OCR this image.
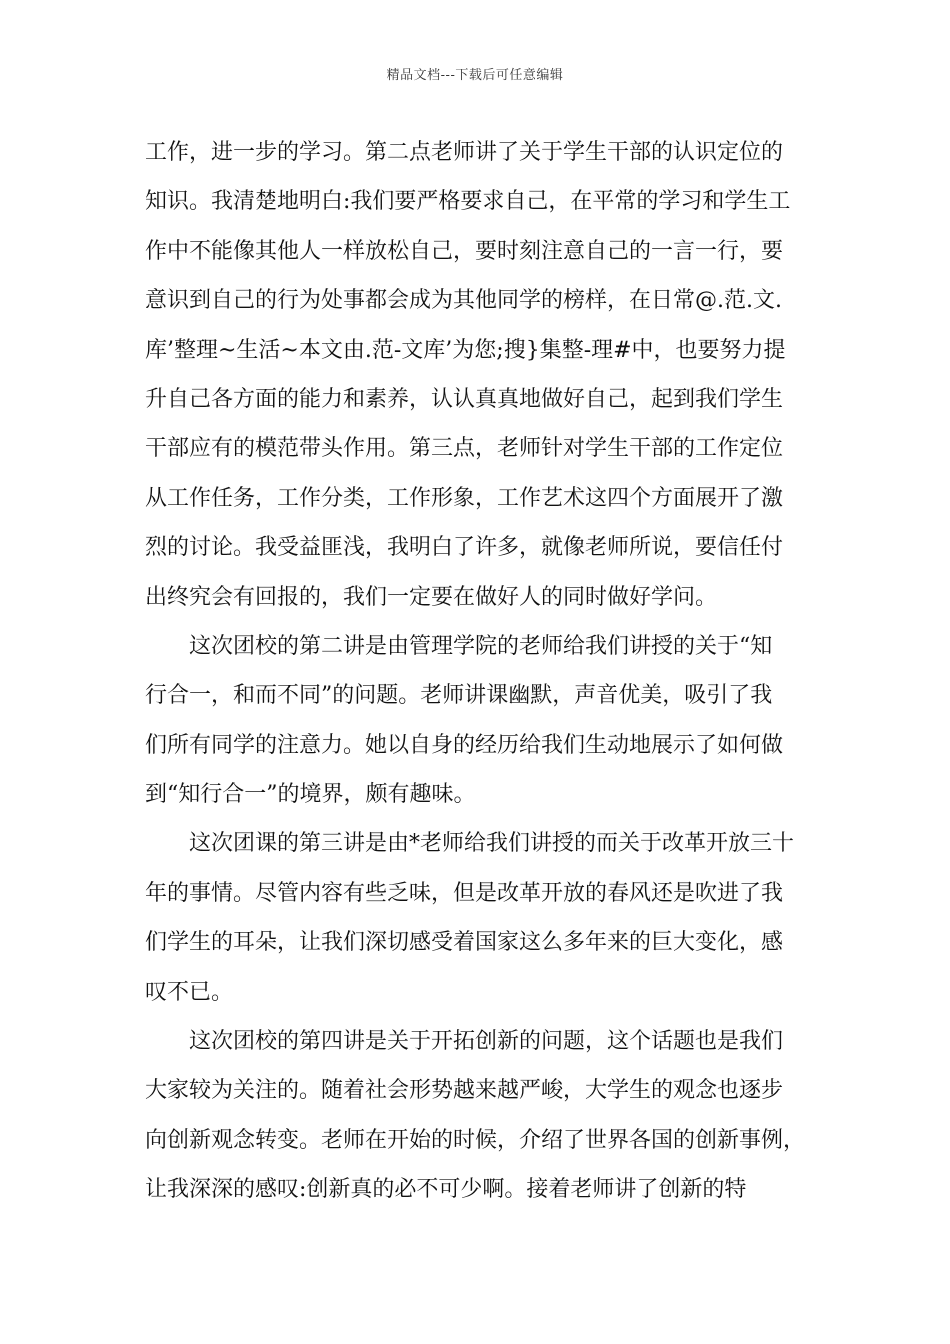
精品文档---下载后可任意编辑
工作，进一步的学习。第二点老师讲了关于学生干部的认识定位的
知识。我清楚地明白:我们要严格要求自己，在平常的学习和学生工
作中不能像其他人一样放松自己，要时刻注意自己的一言一行，要
意识到自己的行为处事都会成为其他同学的榜样，在日常@.范.文.
库’整理~生活~本文由.范-文库’为您;搜}集整-理#中，也要努力提
升自己各方面的能力和素养，认认真真地做好自己，起到我们学生
干部应有的模范带头作用。第三点，老师针对学生干部的工作定位
从工作任务，工作分类，工作形象，工作艺术这四个方面展开了激
烈的讨论。我受益匪浅，我明白了许多，就像老师所说，要信任付
出终究会有回报的，我们一定要在做好人的同时做好学问。
这次团校的第二讲是由管理学院的老师给我们讲授的关于“知
行合一，和而不同”的问题。老师讲课幽默，声音优美，吸引了我
们所有同学的注意力。她以自身的经历给我们生动地展示了如何做
到“知行合一”的境界，颇有趣味。
这次团课的第三讲是由*老师给我们讲授的而关于改革开放三十
年的事情。尽管内容有些乏味，但是改革开放的春风还是吹进了我
们学生的耳朵，让我们深切感受着国家这么多年来的巨大变化，感
叹不已。
这次团校的第四讲是关于开拓创新的问题，这个话题也是我们
大家较为关注的。随着社会形势越来越严峻，大学生的观念也逐步
向创新观念转变。老师在开始的时候，介绍了世界各国的创新事例，
让我深深的感叹:创新真的必不可少啊。接着老师讲了创新的特
